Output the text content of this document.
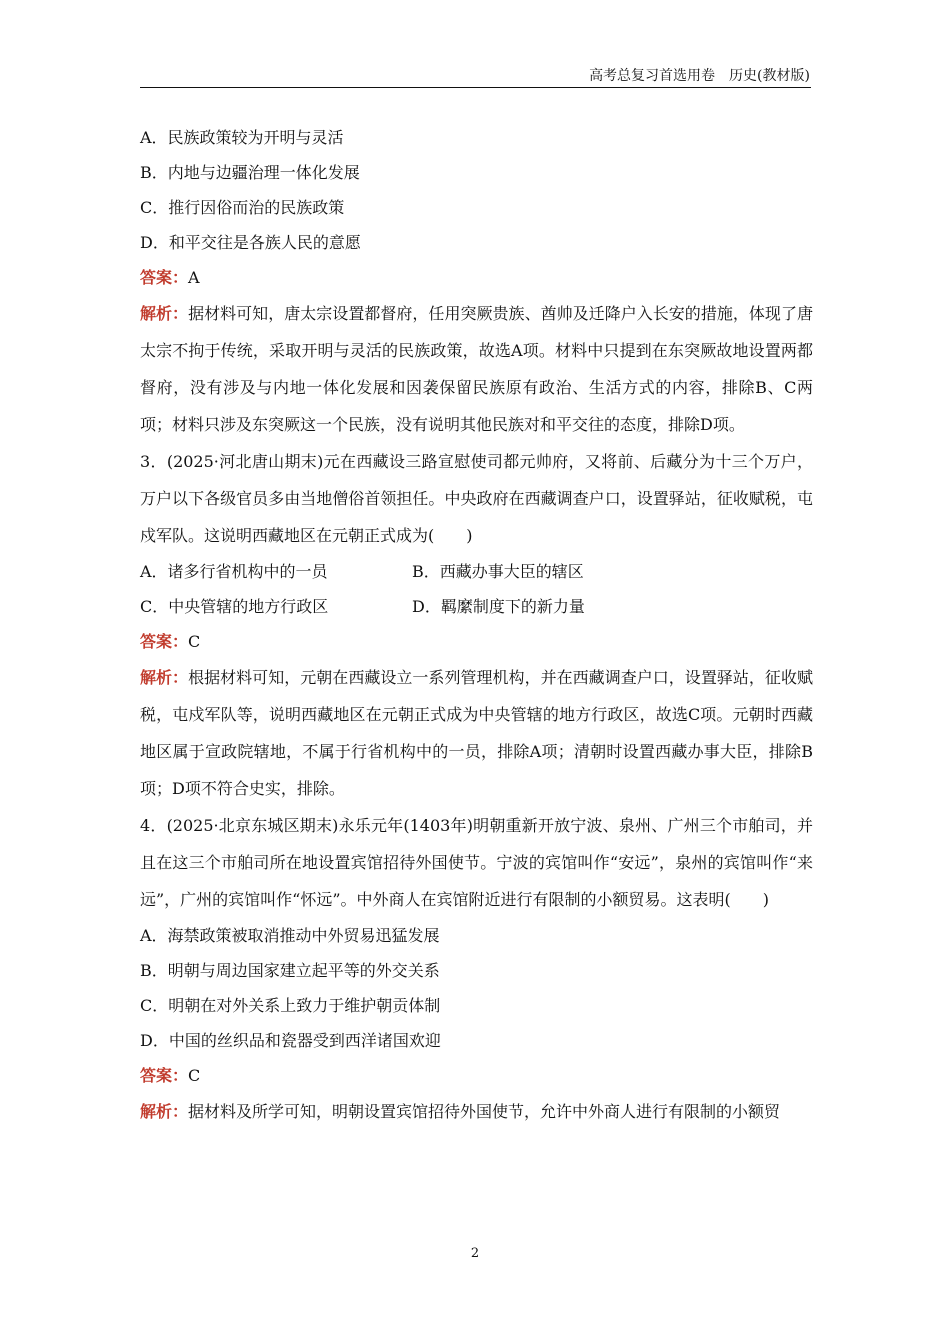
高考总复习首选用卷　历史(教材版)
A．民族政策较为开明与灵活
B．内地与边疆治理一体化发展
C．推行因俗而治的民族政策
D．和平交往是各族人民的意愿
答案：A
解析：据材料可知，唐太宗设置都督府，任用突厥贵族、酋帅及迁降户入长安的措施，体现了唐太宗不拘于传统，采取开明与灵活的民族政策，故选A项。材料中只提到在东突厥故地设置两都督府，没有涉及与内地一体化发展和因袭保留民族原有政治、生活方式的内容，排除B、C两项；材料只涉及东突厥这一个民族，没有说明其他民族对和平交往的态度，排除D项。
3．(2025·河北唐山期末)元在西藏设三路宣慰使司都元帅府，又将前、后藏分为十三个万户，万户以下各级官员多由当地僧俗首领担任。中央政府在西藏调查户口，设置驿站，征收赋税，屯戍军队。这说明西藏地区在元朝正式成为(　　)
A．诸多行省机构中的一员	B．西藏办事大臣的辖区
C．中央管辖的地方行政区	D．羁縻制度下的新力量
答案：C
解析：根据材料可知，元朝在西藏设立一系列管理机构，并在西藏调查户口，设置驿站，征收赋税，屯戍军队等，说明西藏地区在元朝正式成为中央管辖的地方行政区，故选C项。元朝时西藏地区属于宣政院辖地，不属于行省机构中的一员，排除A项；清朝时设置西藏办事大臣，排除B项；D项不符合史实，排除。
4．(2025·北京东城区期末)永乐元年(1403年)明朝重新开放宁波、泉州、广州三个市舶司，并且在这三个市舶司所在地设置宾馆招待外国使节。宁波的宾馆叫作“安远”，泉州的宾馆叫作“来远”，广州的宾馆叫作“怀远”。中外商人在宾馆附近进行有限制的小额贸易。这表明(　　)
A．海禁政策被取消推动中外贸易迅猛发展
B．明朝与周边国家建立起平等的外交关系
C．明朝在对外关系上致力于维护朝贡体制
D．中国的丝织品和瓷器受到西洋诸国欢迎
答案：C
解析：据材料及所学可知，明朝设置宾馆招待外国使节，允许中外商人进行有限制的小额贸
2
